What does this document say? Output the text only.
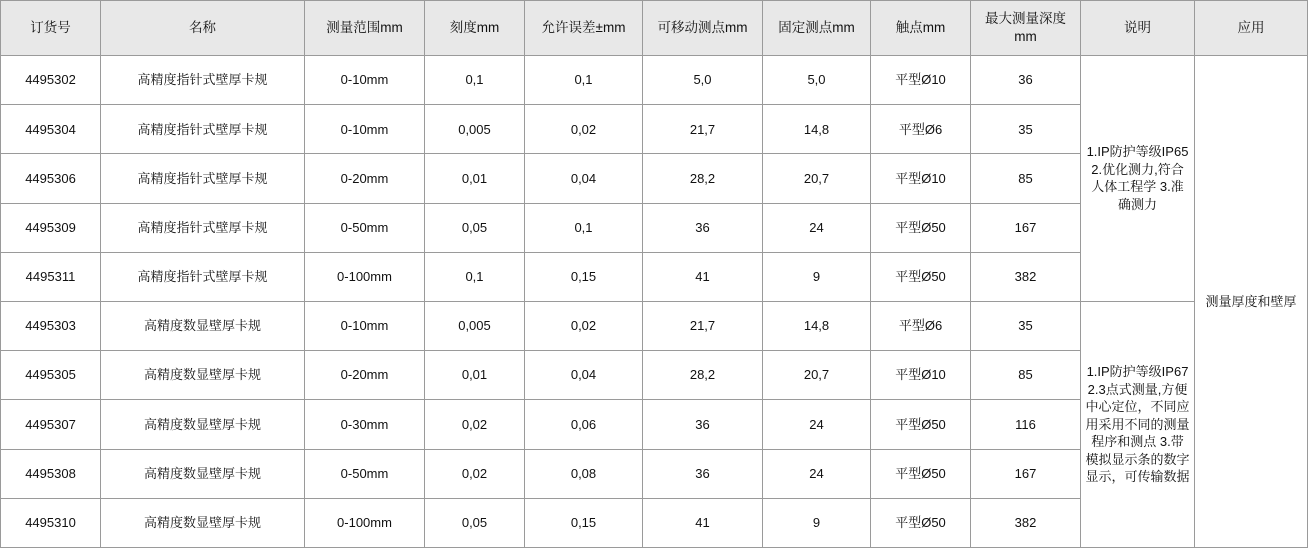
订货号	名称	测量范围mm	刻度mm	允许误差±mm	可移动测点mm	固定测点mm	触点mm	最大测量深度mm	说明	应用
4495302	高精度指针式壁厚卡规	0-10mm	0,1	0,1	5,0	5,0	平型Ø10	36	1.IP防护等级IP65 2.优化测力,符合人体工程学 3.准确测力	测量厚度和壁厚
4495304	高精度指针式壁厚卡规	0-10mm	0,005	0,02	21,7	14,8	平型Ø6	35		
4495306	高精度指针式壁厚卡规	0-20mm	0,01	0,04	28,2	20,7	平型Ø10	85		
4495309	高精度指针式壁厚卡规	0-50mm	0,05	0,1	36	24	平型Ø50	167		
4495311	高精度指针式壁厚卡规	0-100mm	0,1	0,15	41	9	平型Ø50	382		
4495303	高精度数显壁厚卡规	0-10mm	0,005	0,02	21,7	14,8	平型Ø6	35	1.IP防护等级IP67 2.3点式测量,方便中心定位，不同应用采用不同的测量程序和测点 3.带模拟显示条的数字显示，可传输数据	
4495305	高精度数显壁厚卡规	0-20mm	0,01	0,04	28,2	20,7	平型Ø10	85		
4495307	高精度数显壁厚卡规	0-30mm	0,02	0,06	36	24	平型Ø50	116		
4495308	高精度数显壁厚卡规	0-50mm	0,02	0,08	36	24	平型Ø50	167		
4495310	高精度数显壁厚卡规	0-100mm	0,05	0,15	41	9	平型Ø50	382		
